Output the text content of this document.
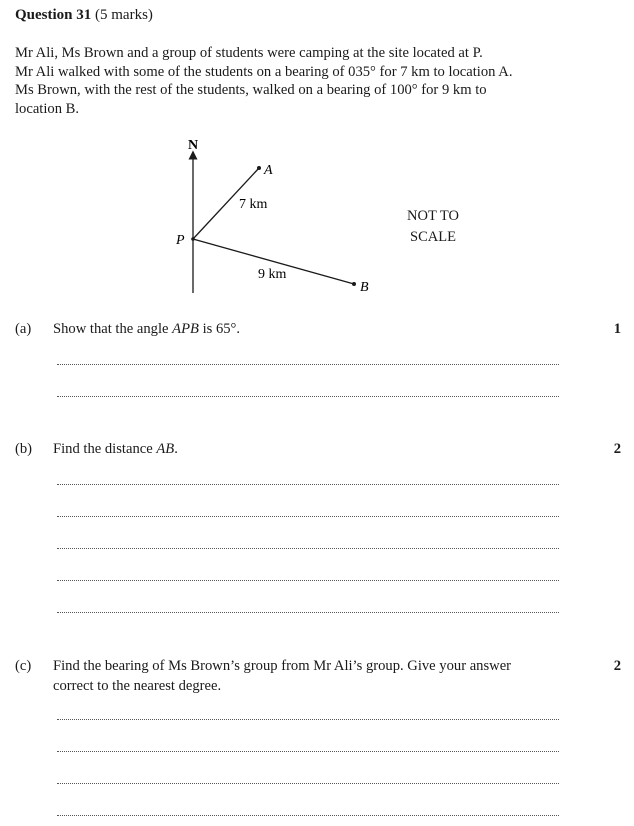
Question 31 (5 marks)
Mr Ali, Ms Brown and a group of students were camping at the site located at P.
Mr Ali walked with some of the students on a bearing of 035° for 7 km to location A.
Ms Brown, with the rest of the students, walked on a bearing of 100° for 9 km to
location B.
N
P
A
B
7 km
9 km
NOT TO
SCALE
(a) Show that the angle APB is 65°.	1
(b) Find the distance AB.	2
(c) Find the bearing of Ms Brown’s group from Mr Ali’s group. Give your answer
correct to the nearest degree.
2
